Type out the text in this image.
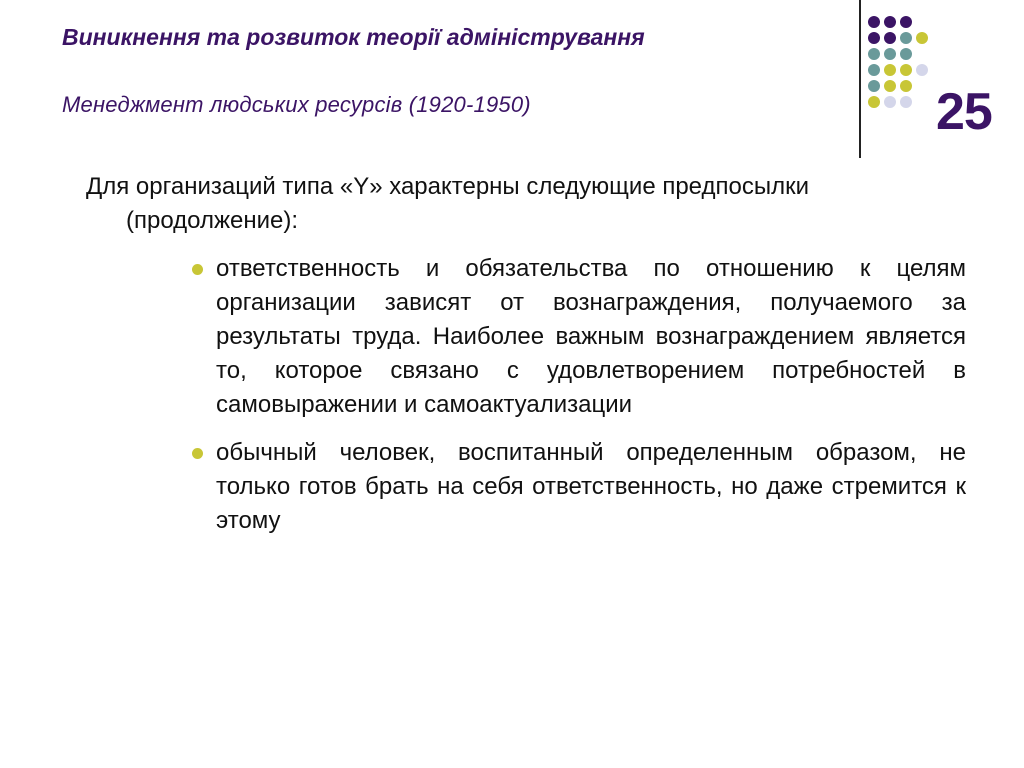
Виникнення та розвиток теорії адміністрування
Менеджмент людських ресурсів (1920-1950)	25

Для организаций типа «Y» характерны следующие предпосылки (продолжение):

ответственность и обязательства по отношению к целям организации зависят от вознаграждения, получаемого за результаты труда. Наиболее важным вознаграждением является то, которое связано с удовлетворением потребностей в самовыражении и самоактуализации
обычный человек, воспитанный определенным образом, не только готов брать на себя ответственность, но даже стремится к этому
